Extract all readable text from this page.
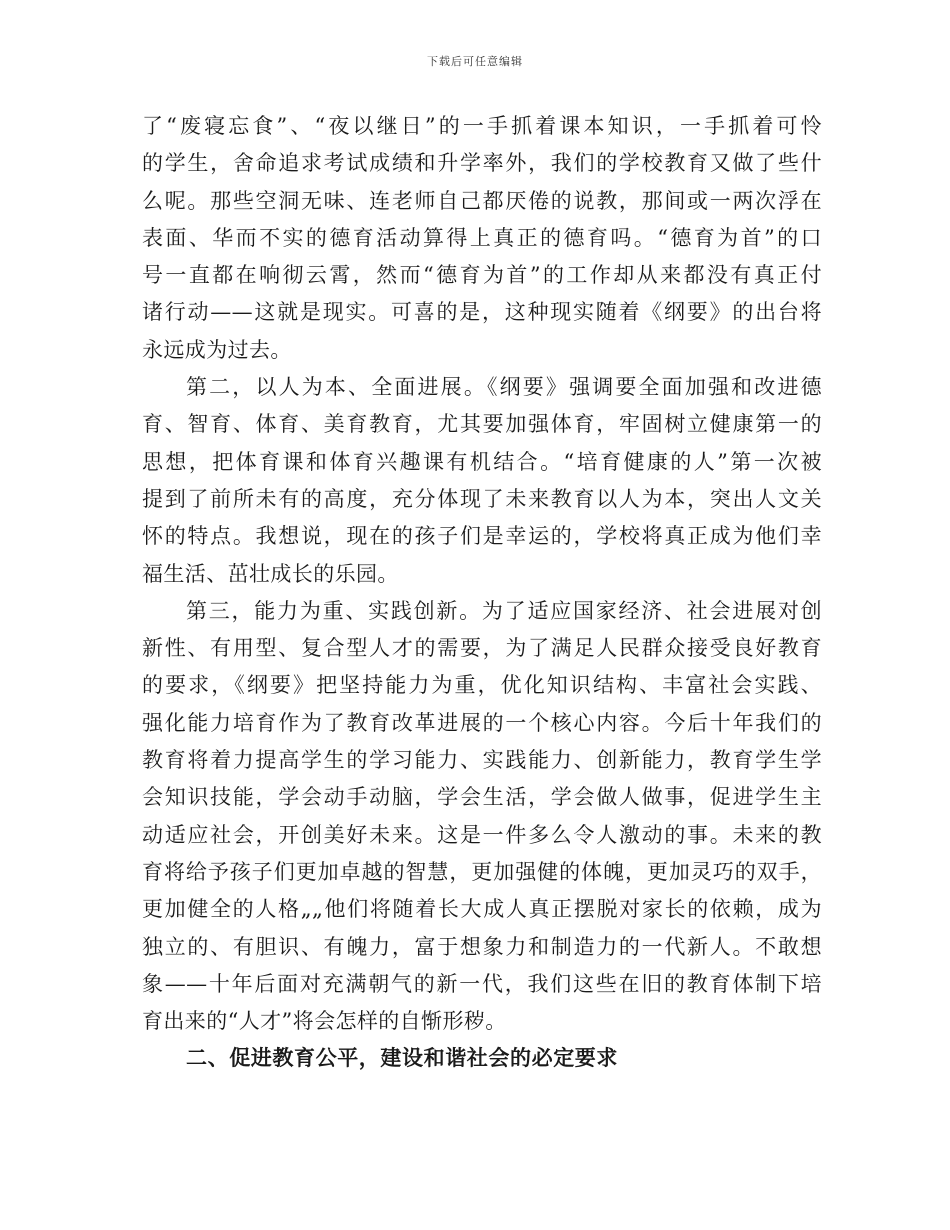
下载后可任意编辑
了“废寝忘食”、“夜以继日”的一手抓着课本知识，一手抓着可怜
的学生，舍命追求考试成绩和升学率外，我们的学校教育又做了些什
么呢。那些空洞无味、连老师自己都厌倦的说教，那间或一两次浮在
表面、华而不实的德育活动算得上真正的德育吗。“德育为首”的口
号一直都在响彻云霄，然而“德育为首”的工作却从来都没有真正付
诸行动——这就是现实。可喜的是，这种现实随着《纲要》的出台将
永远成为过去。
第二，以人为本、全面进展。《纲要》强调要全面加强和改进德
育、智育、体育、美育教育，尤其要加强体育，牢固树立健康第一的
思想，把体育课和体育兴趣课有机结合。“培育健康的人”第一次被
提到了前所未有的高度，充分体现了未来教育以人为本，突出人文关
怀的特点。我想说，现在的孩子们是幸运的，学校将真正成为他们幸
福生活、茁壮成长的乐园。
第三，能力为重、实践创新。为了适应国家经济、社会进展对创
新性、有用型、复合型人才的需要，为了满足人民群众接受良好教育
的要求，《纲要》把坚持能力为重，优化知识结构、丰富社会实践、
强化能力培育作为了教育改革进展的一个核心内容。今后十年我们的
教育将着力提高学生的学习能力、实践能力、创新能力，教育学生学
会知识技能，学会动手动脑，学会生活，学会做人做事，促进学生主
动适应社会，开创美好未来。这是一件多么令人激动的事。未来的教
育将给予孩子们更加卓越的智慧，更加强健的体魄，更加灵巧的双手，
更加健全的人格„„他们将随着长大成人真正摆脱对家长的依赖，成为
独立的、有胆识、有魄力，富于想象力和制造力的一代新人。不敢想
象——十年后面对充满朝气的新一代，我们这些在旧的教育体制下培
育出来的“人才”将会怎样的自惭形秽。
二、促进教育公平，建设和谐社会的必定要求
